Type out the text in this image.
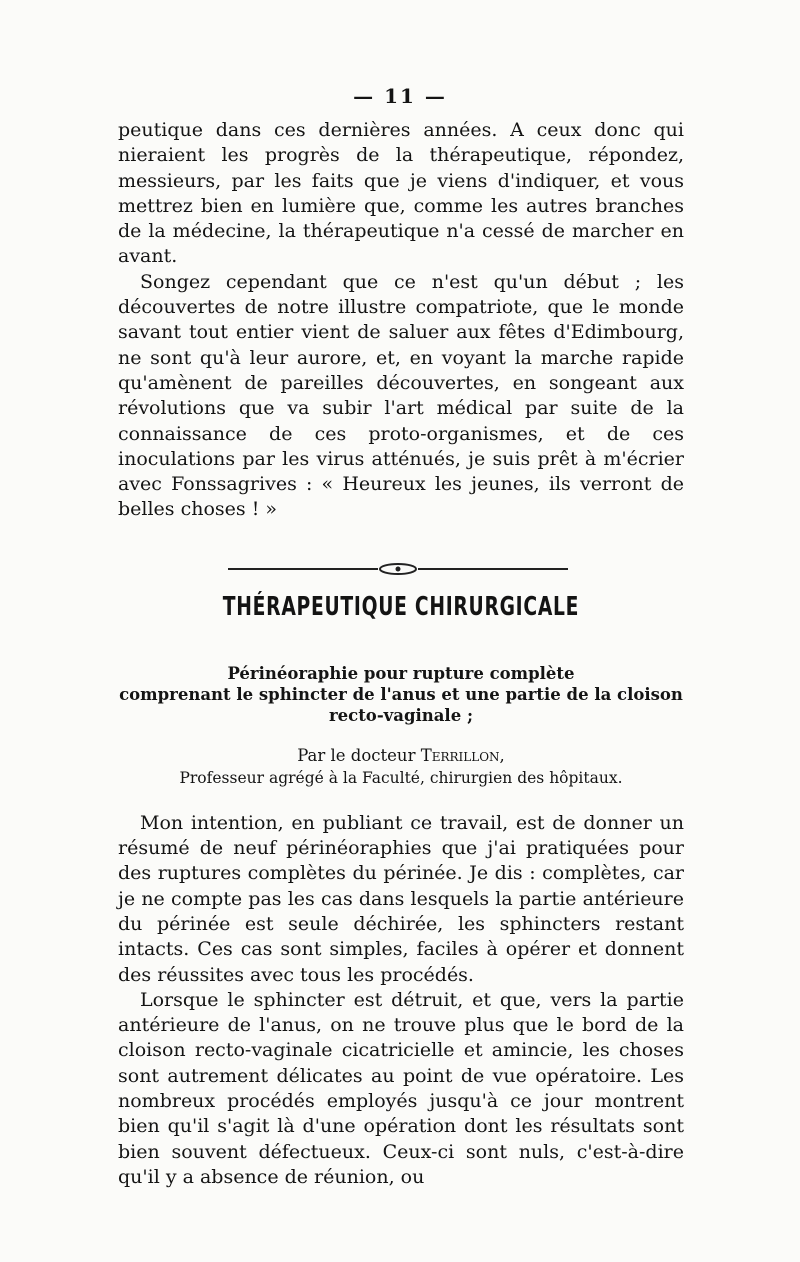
— 11 —

peutique dans ces dernières années. A ceux donc qui nieraient les progrès de la thérapeutique, répondez, messieurs, par les faits que je viens d'indiquer, et vous mettrez bien en lumière que, comme les autres branches de la médecine, la thérapeutique n'a cessé de marcher en avant.

Songez cependant que ce n'est qu'un début ; les découvertes de notre illustre compatriote, que le monde savant tout entier vient de saluer aux fêtes d'Edimbourg, ne sont qu'à leur aurore, et, en voyant la marche rapide qu'amènent de pareilles découvertes, en songeant aux révolutions que va subir l'art médical par suite de la connaissance de ces proto-organismes, et de ces inoculations par les virus atténués, je suis prêt à m'écrier avec Fonssagrives : « Heureux les jeunes, ils verront de belles choses ! »

THÉRAPEUTIQUE CHIRURGICALE

Périnéoraphie pour rupture complète
comprenant le sphincter de l'anus et une partie de la cloison
recto-vaginale ;

Par le docteur Terrillon,

Professeur agrégé à la Faculté, chirurgien des hôpitaux.

Mon intention, en publiant ce travail, est de donner un résumé de neuf périnéoraphies que j'ai pratiquées pour des ruptures complètes du périnée. Je dis : complètes, car je ne compte pas les cas dans lesquels la partie antérieure du périnée est seule déchirée, les sphincters restant intacts. Ces cas sont simples, faciles à opérer et donnent des réussites avec tous les procédés.

Lorsque le sphincter est détruit, et que, vers la partie antérieure de l'anus, on ne trouve plus que le bord de la cloison recto-vaginale cicatricielle et amincie, les choses sont autrement délicates au point de vue opératoire. Les nombreux procédés employés jusqu'à ce jour montrent bien qu'il s'agit là d'une opération dont les résultats sont bien souvent défectueux. Ceux-ci sont nuls, c'est-à-dire qu'il y a absence de réunion, ou
